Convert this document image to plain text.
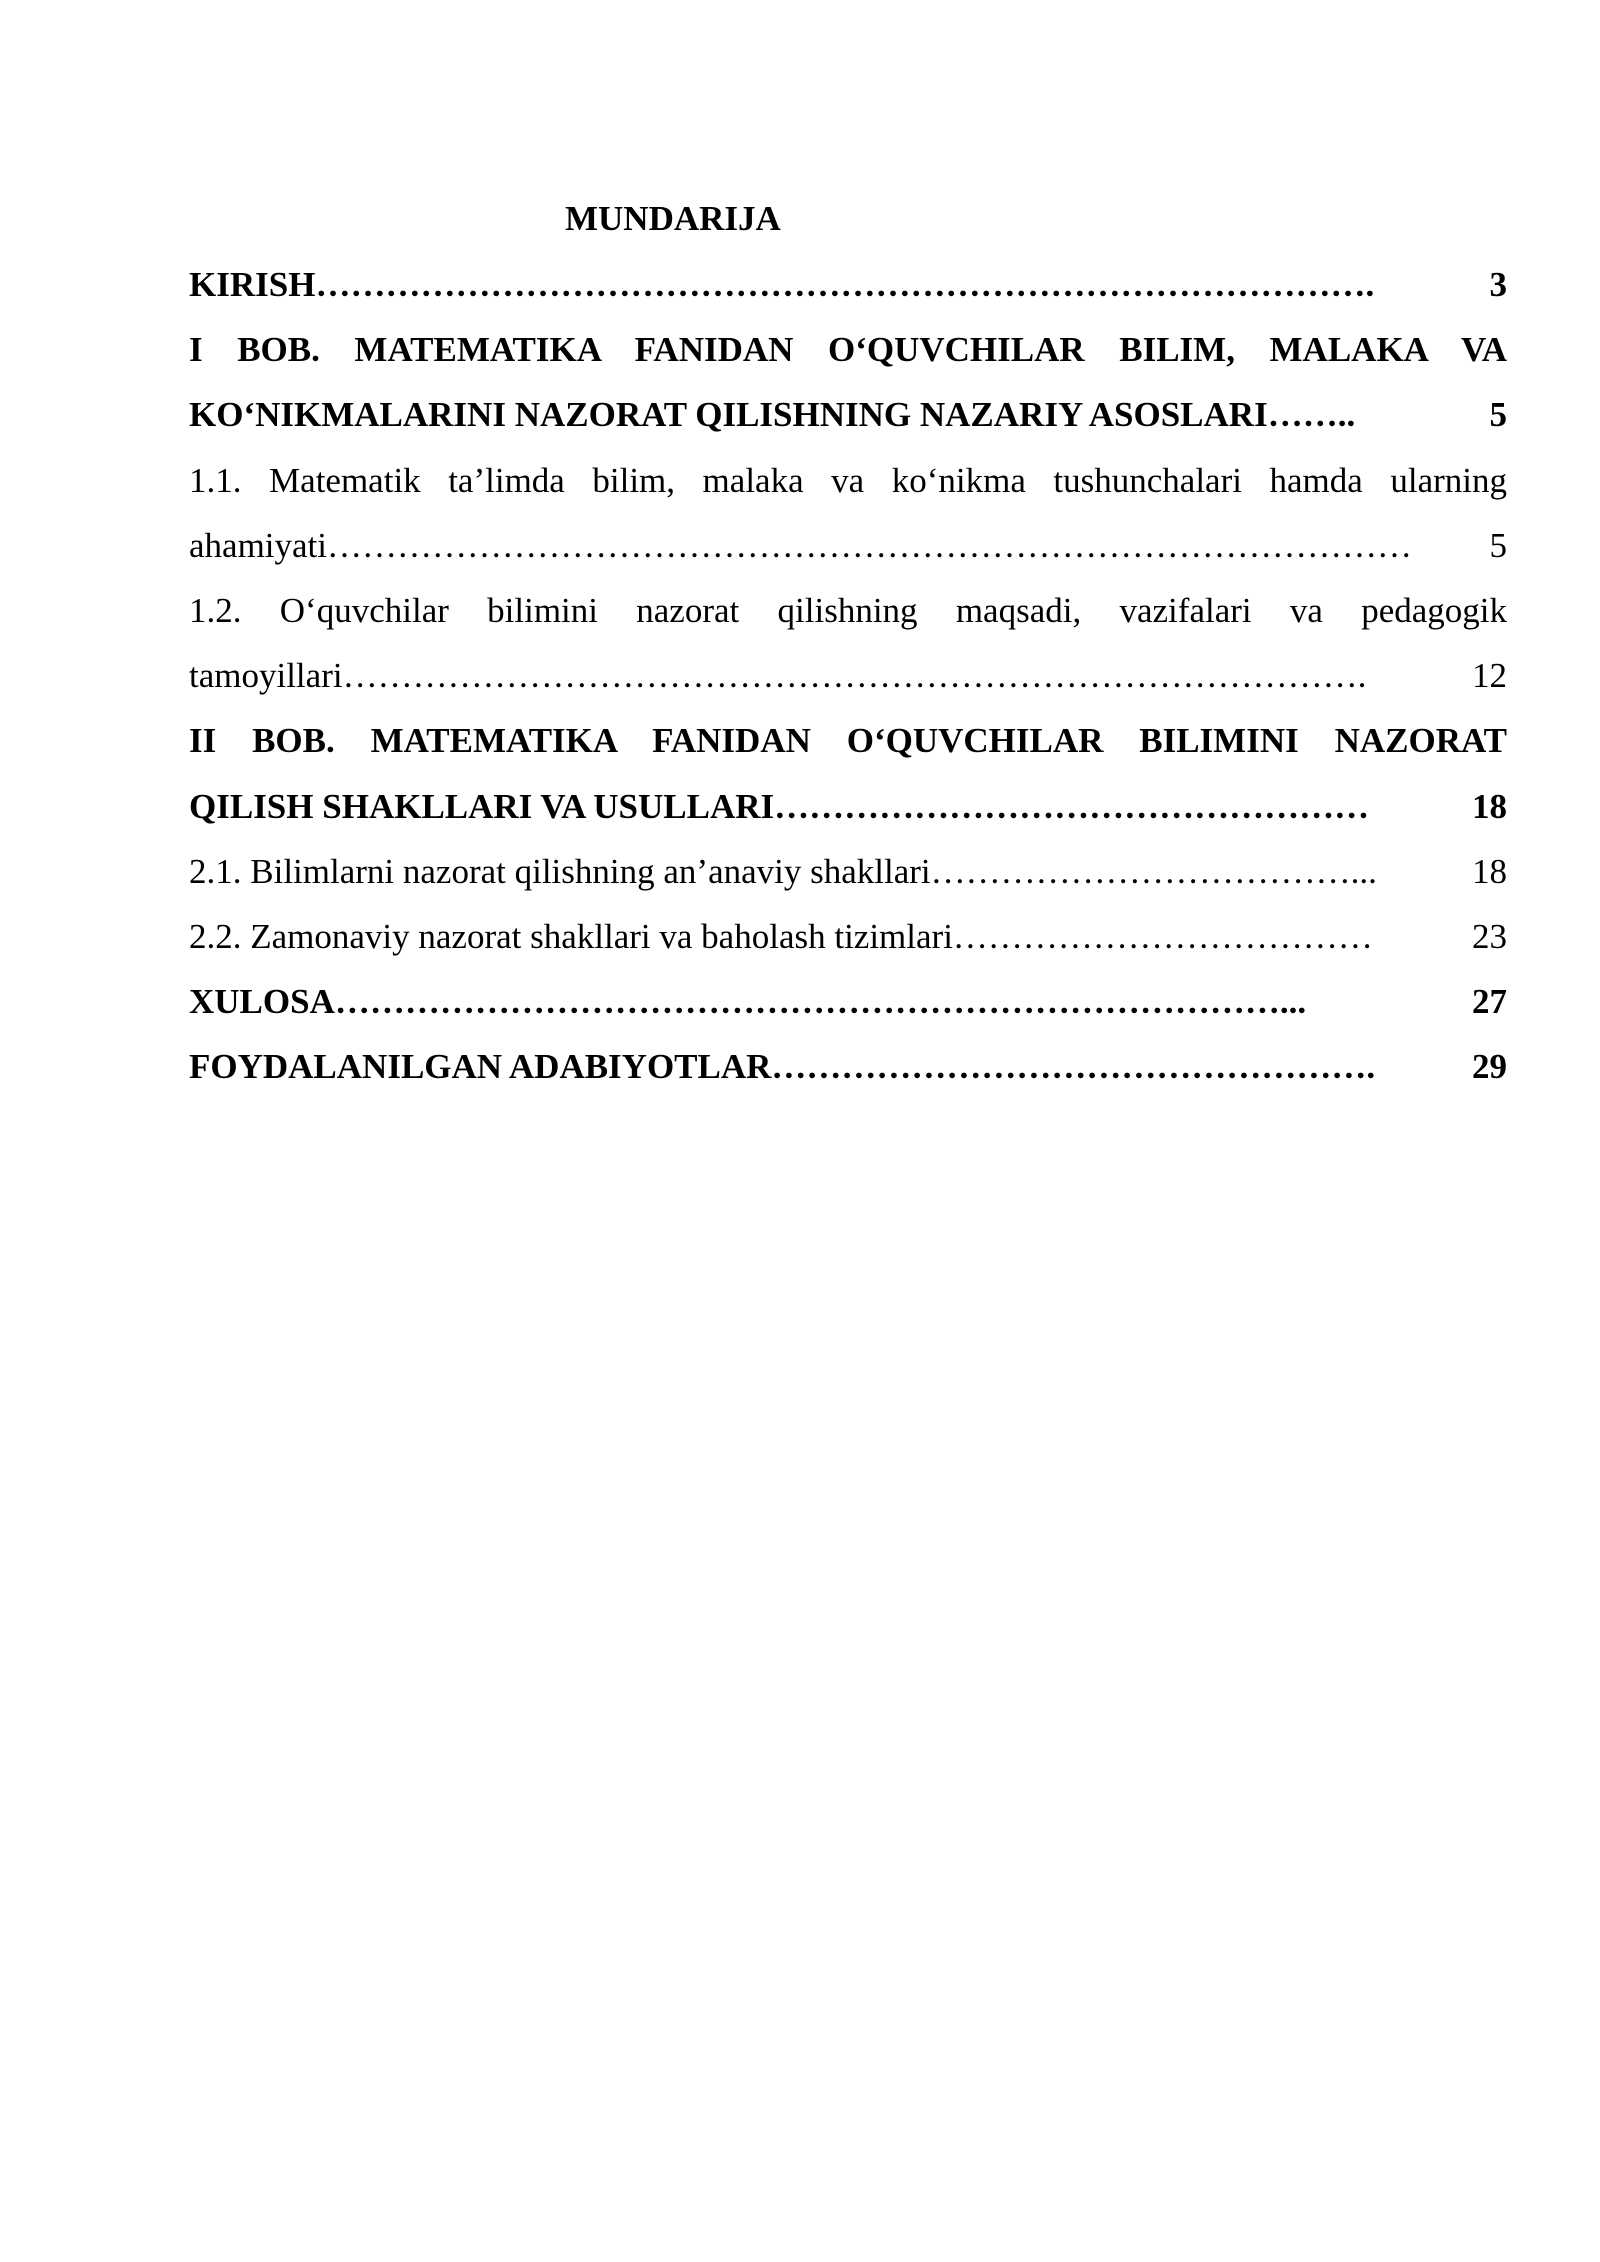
MUNDARIJA
KIRISH ……………………………………………………………………………….	3
I BOB. MATEMATIKA FANIDAN O‘QUVCHILAR BILIM, MALAKA VA
KO‘NIKMALARINI NAZORAT QILISHNING NAZARIY ASOSLARI ……..	5
1.1. Matematik ta’limda bilim, malaka va ko‘nikma tushunchalari hamda ularning
ahamiyati …………………………………………………………………………………	5
1.2. O‘quvchilar bilimini nazorat qilishning maqsadi, vazifalari va pedagogik
tamoyillari …………………………………………………………………………….	12
II BOB. MATEMATIKA FANIDAN O‘QUVCHILAR BILIMINI NAZORAT
QILISH SHAKLLARI VA USULLARI ……………………………………………	18
2.1. Bilimlarni nazorat qilishning an’anaviy shakllari ………………………………...	18
2.2. Zamonaviy nazorat shakllari va baholash tizimlari ………………………………	23
XULOSA ………………………………………………………………………...	27
FOYDALANILGAN ADABIYOTLAR …………………………………………….	29
